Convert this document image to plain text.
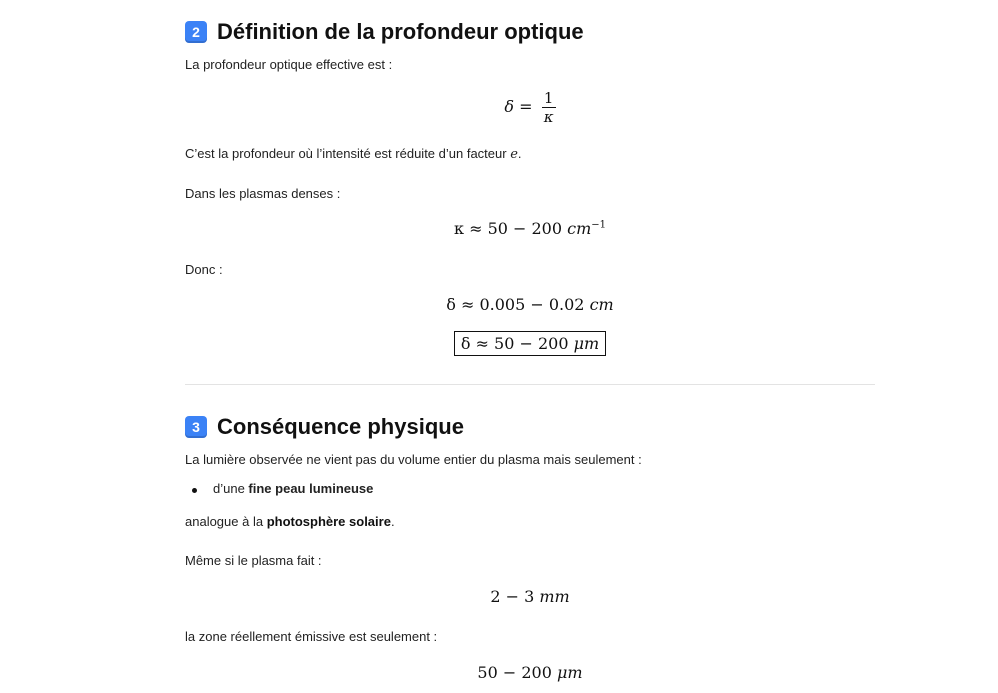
2 Définition de la profondeur optique

La profondeur optique effective est :

$\delta = \frac{1}{\kappa}$

C’est la profondeur où l’intensité est réduite d’un facteur e.

Dans les plasmas denses :

κ ≈ 50 − 200 $cm^{-1}$

Donc :

δ ≈ 0.005 − 0.02 cm
δ ≈ 50 − 200 μm
3 Conséquence physique

La lumière observée ne vient pas du volume entier du plasma mais seulement :

d’une fine peau lumineuse

analogue à la photosphère solaire.

Même si le plasma fait :

2 − 3 mm

la zone réellement émissive est seulement :

50 − 200 μm
